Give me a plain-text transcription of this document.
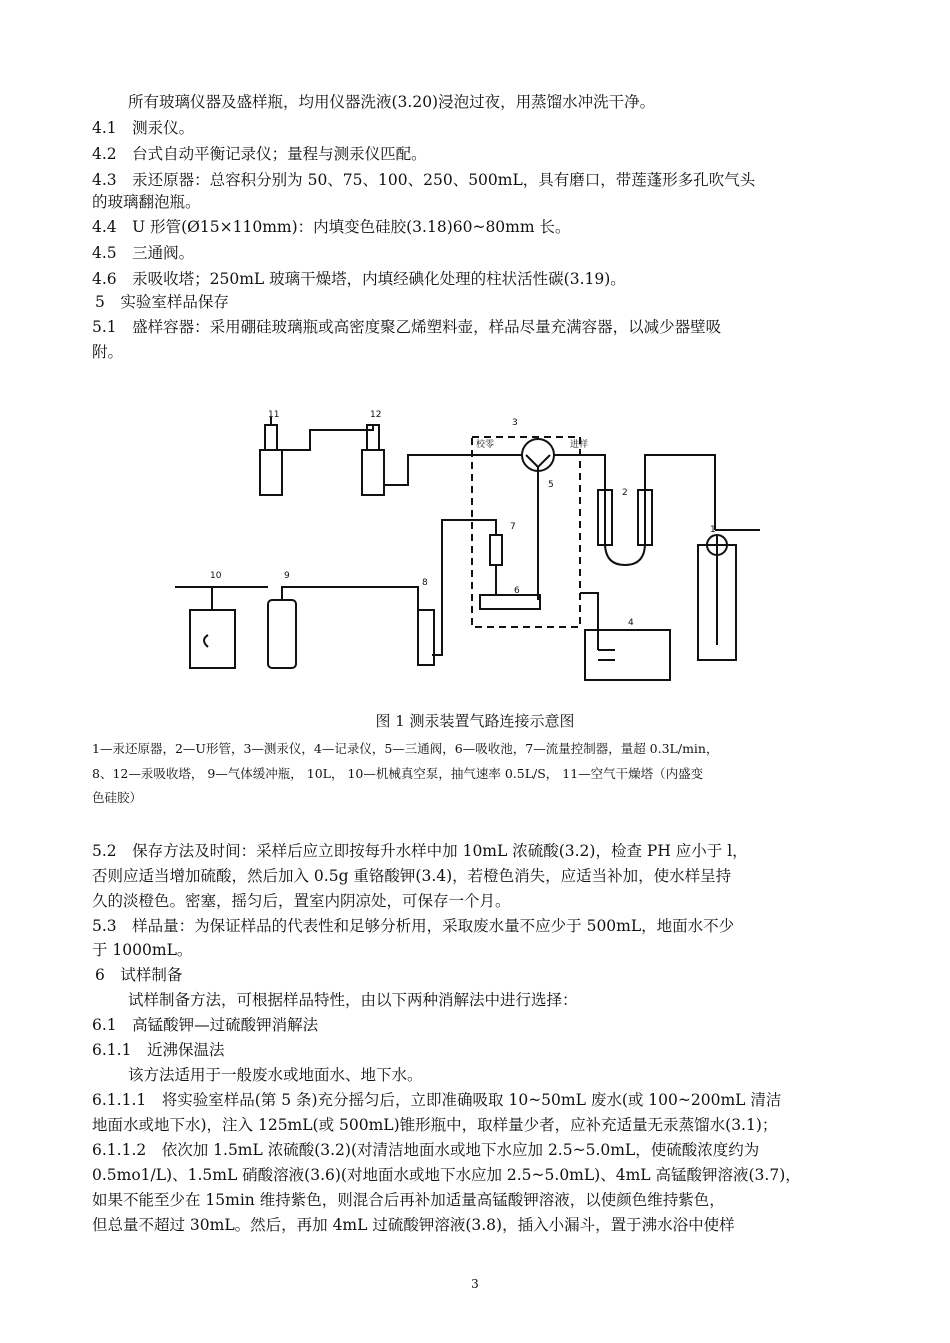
所有玻璃仪器及盛样瓶，均用仪器洗液(3.20)浸泡过夜，用蒸馏水冲洗干净。
4.1　测汞仪。
4.2　台式自动平衡记录仪；量程与测汞仪匹配。
4.3　汞还原器：总容积分别为 50、75、100、250、500mL，具有磨口，带莲蓬形多孔吹气头
的玻璃翻泡瓶。
4.4　U 形管(Ø15×110mm)：内填变色硅胶(3.18)60~80mm 长。
4.5　三通阀。
4.6　汞吸收塔；250mL 玻璃干燥塔，内填经碘化处理的柱状活性碳(3.19)。
5　实验室样品保存
5.1　盛样容器：采用硼硅玻璃瓶或高密度聚乙烯塑料壶，样品尽量充满容器，以减少器壁吸
附。
11	12
3
校零	进样
5
2
1
7
6
8
9
10
4
图 1 测汞装置气路连接示意图
1—汞还原器，2—U形管，3—测汞仪，4—记录仪，5—三通阀，6—吸收池，7—流量控制器，量超 0.3L/min，
8、12—汞吸收塔， 9—气体缓冲瓶， 10L， 10—机械真空泵，抽气速率 0.5L/S， 11—空气干燥塔（内盛变
色硅胶）
5.2　保存方法及时间：采样后应立即按每升水样中加 10mL 浓硫酸(3.2)，检查 PH 应小于 l，
否则应适当增加硫酸，然后加入 0.5g 重铬酸钾(3.4)，若橙色消失，应适当补加，使水样呈持
久的淡橙色。密塞，摇匀后，置室内阴凉处，可保存一个月。
5.3　样品量：为保证样品的代表性和足够分析用，采取废水量不应少于 500mL，地面水不少
于 1000mL。
6　试样制备
试样制备方法，可根据样品特性，由以下两种消解法中进行选择：
6.1　高锰酸钾—过硫酸钾消解法
6.1.1　近沸保温法
该方法适用于一般废水或地面水、地下水。
6.1.1.1　将实验室样品(第 5 条)充分摇匀后，立即准确吸取 10~50mL 废水(或 100~200mL 清洁
地面水或地下水)，注入 125mL(或 500mL)锥形瓶中，取样量少者，应补充适量无汞蒸馏水(3.1)；
6.1.1.2　依次加 1.5mL 浓硫酸(3.2)(对清洁地面水或地下水应加 2.5~5.0mL，使硫酸浓度约为
0.5mo1/L)、1.5mL 硝酸溶液(3.6)(对地面水或地下水应加 2.5~5.0mL)、4mL 高锰酸钾溶液(3.7)，
如果不能至少在 15min 维持紫色，则混合后再补加适量高锰酸钾溶液，以使颜色维持紫色，
但总量不超过 30mL。然后，再加 4mL 过硫酸钾溶液(3.8)，插入小漏斗，置于沸水浴中使样
3
